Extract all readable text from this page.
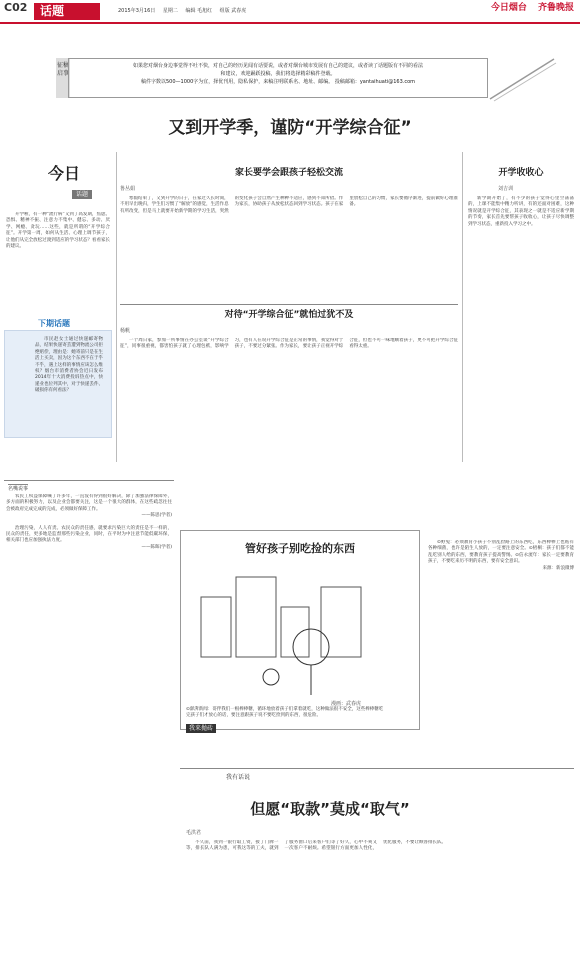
C02	话题	2015年3月16日 星期二 编辑 毛旭红 组版 武春虎	今日烟台 齐鲁晚报
征稿启事

如果您对烟台身边事觉得不吐不快，对自己的经历见闻有话要说，或者对烟台城市发展有自己的建议，或者读了话题版有不同的看法
和建议，欢迎踊跃投稿，我们将选择精彩稿件登载。
稿件字数以500—1000字为宜，择优刊用，隐私保护，来稿注明联系名、地址、邮编。 投稿邮箱：yantaihuati@163.com

又到开学季，谨防“开学综合征”
今日
话题

开学啦，有一种“流行病”又到了高发期，焦虑、恐惧、精神不振、注意力不集中、健忘、多动、厌学、网瘾、贪玩……这些，就是所谓的“开学综合征”。开学第一周，如何从生活、心理上调节孩子，让他们从完全放松过渡到适应的学习状态？看看家长的建议。

下期话题

市民赵女士通过快递邮寄物品，结果快递寄丢遭到物流公司拒绝赔偿，理由是：她寄前只是在生活上买卖，因为这个东西不在于乎不乎，遇上这样的事情应该怎么维权？烟台市消费者协会近日发布2014年十大消费投诉热点中，快递业也位列其中，对于快递丢件、破损你有何看法？

家长要学会跟孩子轻松交流
鲁丛娟

寒假结束了，又到开学的日子，在家过久长时间，不用早出晚归，学生们习惯了“解放”的感觉，生活作息有所改变，但是马上就要开始新学期的学习生活，突然的变化孩子会自然产生种种不适应，感到不知所措。作为家长，协助孩子从放松状态回到学习状态。孩子在家里放松自己的习惯，家长要循序渐进，提前做好心理准备。

开学收收心
刘吉训

新学期开始了，有不少的孩子觉得心里空荡荡的，上课不能集中精力听讲，有的还面对困难，这种情况就是开学综合征，其表现之一就是不适应新学期的节奏，家长首先要帮孩子收收心，让孩子尽快调整到学习状态，重新投入学习之中。

对待“开学综合征”就怕过犹不及
杨帆

一个周日家，参加一所事情在办公室谈“开学综合征”，同事很重视，都害怕孩子就了心理包袱，影响学习，也有人在说开学综合征是正常的事情，我觉得对于孩子，不要过分紧张。作为家长，要让孩子正视开学综合征，但也不可一味地顺着孩子，更不可把开学综合征看得太重。

名嘴说事

农民工权益保障喊了许多年，一直没有得到很好解决，除了加强法律保障外，多方面的积极努力，以及企业会都要关注，这是一个很大的群体，在这些疏忽往往会被政府完成完成的完成，必须做好保障工作。

——陈思(学者)

治理污染，人人有责。农民众的责任感，就要求污染巨大的责任是不一样的，民众的责任，更多地是监督那些污染企业，同时，在平时为中注意节能低碳环保，相关部门也应加强执法力度。

——陈晖(学者)	管好孩子别吃捡的东西
漫画：武春虎
⊙澎湃新闻：哥伴我们一根棒棒糖，循环地放着孩子们拿着就吃，这种做法很不安全，这些棒棒糖吃完孩子们才放心的话，要注意跟孩子说不要吃捡到的东西，很危险。
我来拋砖

⊙野兔：必须教育小孩子不别乱捡路上的东西吃，东西棒棒上也粘有各种细菌，也许是陌生人放的，一定要注意安全。⊙梧桐：孩子们都不能乱吃别人给的东西，要教育孩子提高警惕。⊙信永流年：家长一定要教育孩子，不要吃来历不明的东西，要有安全意识。

来源：新浪微博

我有话说
但愿“取款”莫成“取气”
毛洪君

不久前，我到一银行取工资，接了门牌一等，排长队人满为患，可我这等的工夫，就到了服务窗口后来客户们等了好久，心中不爽又一次客户不耐烦。希望银行方面更加人性化，优化服务，不要让顾客排长队。
